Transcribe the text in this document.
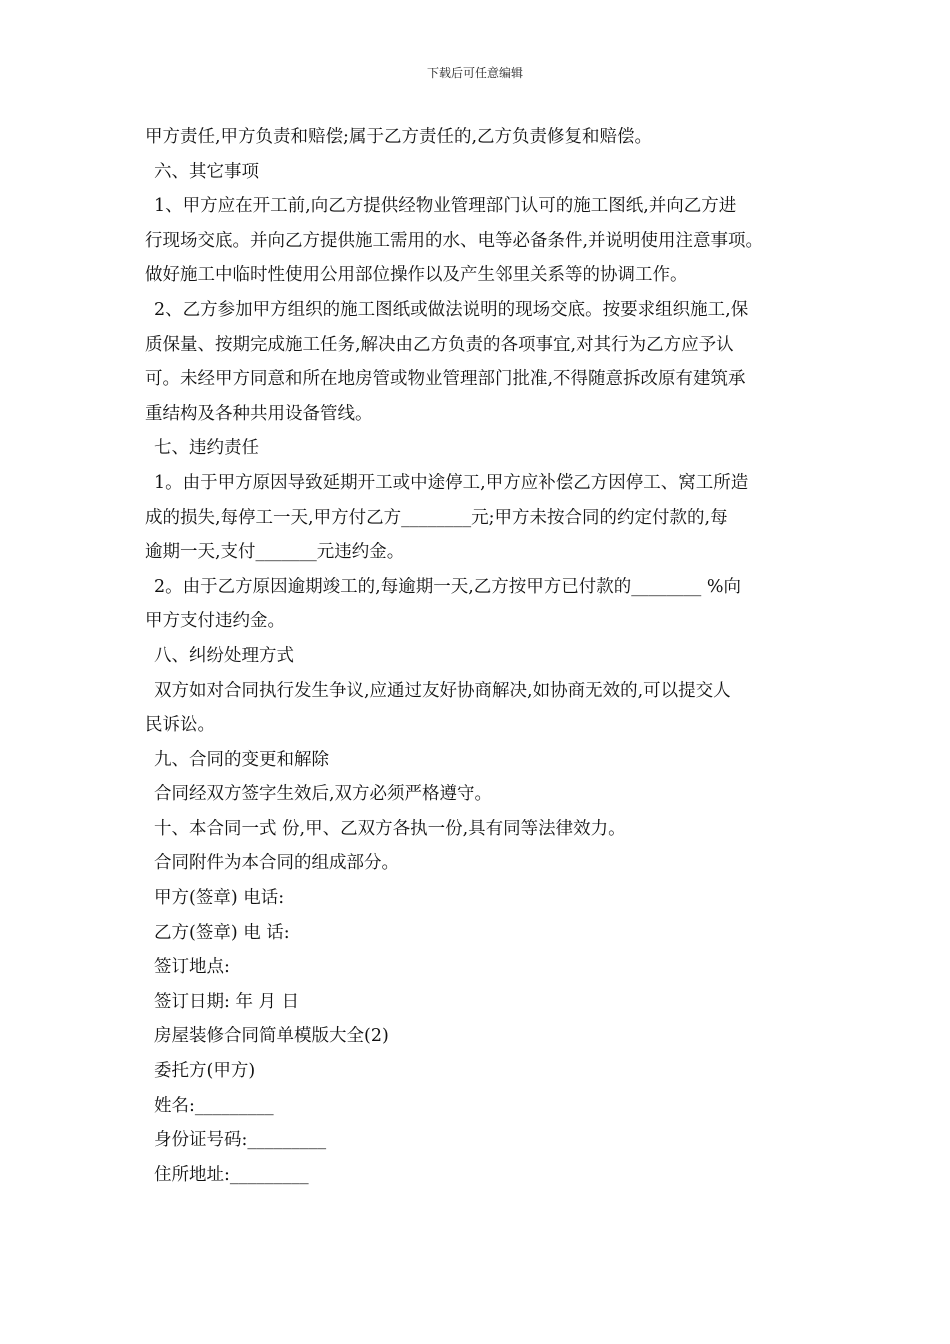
下载后可任意编辑
甲方责任,甲方负责和赔偿;属于乙方责任的,乙方负责修复和赔偿。
六、其它事项
1、甲方应在开工前,向乙方提供经物业管理部门认可的施工图纸,并向乙方进
行现场交底。并向乙方提供施工需用的水、电等必备条件,并说明使用注意事项。
做好施工中临时性使用公用部位操作以及产生邻里关系等的协调工作。
2、乙方参加甲方组织的施工图纸或做法说明的现场交底。按要求组织施工,保
质保量、按期完成施工任务,解决由乙方负责的各项事宜,对其行为乙方应予认
可。未经甲方同意和所在地房管或物业管理部门批准,不得随意拆改原有建筑承
重结构及各种共用设备管线。
七、违约责任
1。由于甲方原因导致延期开工或中途停工,甲方应补偿乙方因停工、窝工所造
成的损失,每停工一天,甲方付乙方________元;甲方未按合同的约定付款的,每
逾期一天,支付_______元违约金。
2。由于乙方原因逾期竣工的,每逾期一天,乙方按甲方已付款的________ %向
甲方支付违约金。
八、纠纷处理方式
双方如对合同执行发生争议,应通过友好协商解决,如协商无效的,可以提交人
民诉讼。
九、合同的变更和解除
合同经双方签字生效后,双方必须严格遵守。
十、本合同一式 份,甲、乙双方各执一份,具有同等法律效力。
合同附件为本合同的组成部分。
甲方(签章) 电话:
乙方(签章) 电 话:
签订地点:
签订日期: 年 月 日
房屋装修合同简单模版大全(2)
委托方(甲方)
姓名:_________
身份证号码:_________
住所地址:_________
